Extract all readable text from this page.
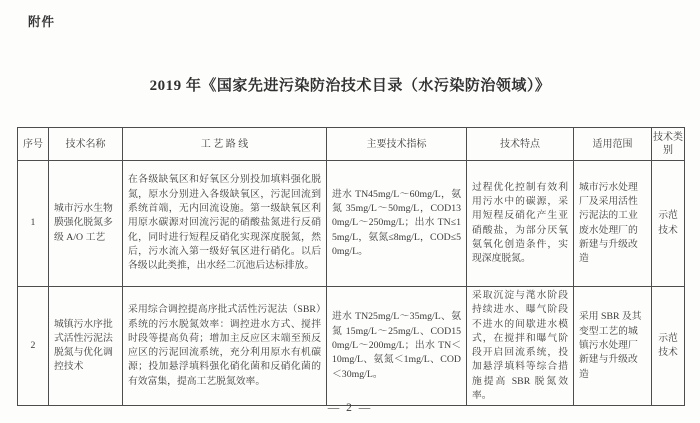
附件
2019 年《国家先进污染防治技术目录（水污染防治领域）》
序号	技术名称	工 艺 路 线	主要技术指标	技术特点	适用范围	技术类别
1	城市污水生物膜强化脱氮多级 A/O 工艺	在各级缺氧区和好氧区分别投加填料强化脱氮，原水分别进入各级缺氧区，污泥回流到系统首端，无内回流设施。第一级缺氧区利用原水碳源对回流污泥的硝酸盐氮进行反硝化，同时进行短程反硝化实现深度脱氮，然后，污水流入第一级好氧区进行硝化。以后各级以此类推，出水经二沉池后达标排放。	进水 TN45mg/L～60mg/L，氨氮 35mg/L～50mg/L，COD130mg/L～250mg/L；出水 TN≤15mg/L，氨氮≤8mg/L，COD≤50mg/L。	过程优化控制有效利用污水中的碳源，采用短程反硝化产生亚硝酸盐，为部分厌氧氨氧化创造条件，实现深度脱氮。	城市污水处理厂及采用活性污泥法的工业废水处理厂的新建与升级改造	示范技术
2	城镇污水序批式活性污泥法脱氮与优化调控技术	采用综合调控提高序批式活性污泥法（SBR）系统的污水脱氮效率：调控进水方式、搅拌时段等提高负荷；增加主反应区末端至预反应区的污泥回流系统，充分利用原水有机碳源；投加悬浮填料强化硝化菌和反硝化菌的有效富集，提高工艺脱氮效率。	进水 TN25mg/L～35mg/L、氨氮 15mg/L～25mg/L、COD150mg/L～200mg/L；出水 TN＜10mg/L、氨氮＜1mg/L、COD＜30mg/L。	采取沉淀与滗水阶段持续进水、曝气阶段不进水的间歇进水模式，在搅拌和曝气阶段开启回流系统，投加悬浮填料等综合措施提高 SBR 脱氮效率。	采用 SBR 及其变型工艺的城镇污水处理厂新建与升级改造	示范技术
— 2 —
